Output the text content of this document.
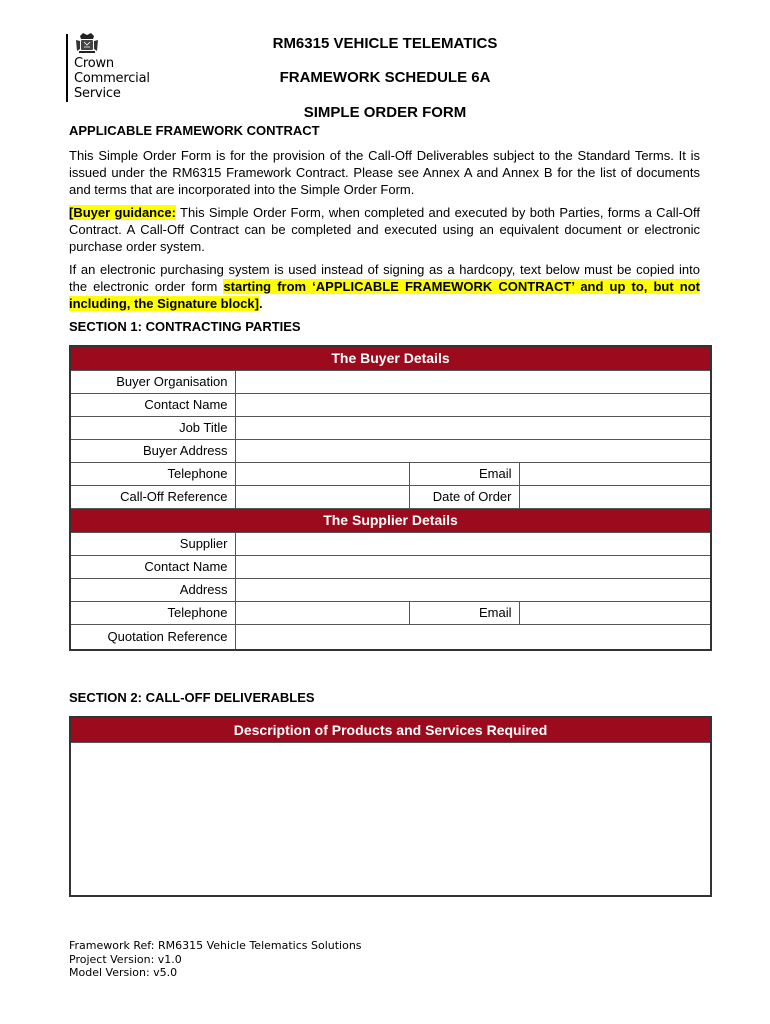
Crown
Commercial
Service
RM6315 VEHICLE TELEMATICS
FRAMEWORK SCHEDULE 6A
SIMPLE ORDER FORM
APPLICABLE FRAMEWORK CONTRACT
This Simple Order Form is for the provision of the Call-Off Deliverables subject to the Standard Terms. It is issued under the RM6315 Framework Contract. Please see Annex A and Annex B for the list of documents and terms that are incorporated into the Simple Order Form.
[Buyer guidance: This Simple Order Form, when completed and executed by both Parties, forms a Call-Off Contract. A Call-Off Contract can be completed and executed using an equivalent document or electronic purchase order system.
If an electronic purchasing system is used instead of signing as a hardcopy, text below must be copied into the electronic order form starting from ‘APPLICABLE FRAMEWORK CONTRACT’ and up to, but not including, the Signature block].
SECTION 1: CONTRACTING PARTIES
The Buyer Details			
Buyer Organisation			
Contact Name			
Job Title			
Buyer Address			
Telephone		Email	
Call-Off Reference		Date of Order	
The Supplier Details			
Supplier			
Contact Name			
Address			
Telephone		Email	
Quotation Reference			
SECTION 2: CALL-OFF DELIVERABLES
Description of Products and Services Required
Framework Ref: RM6315 Vehicle Telematics Solutions
Project Version: v1.0
Model Version: v5.0
